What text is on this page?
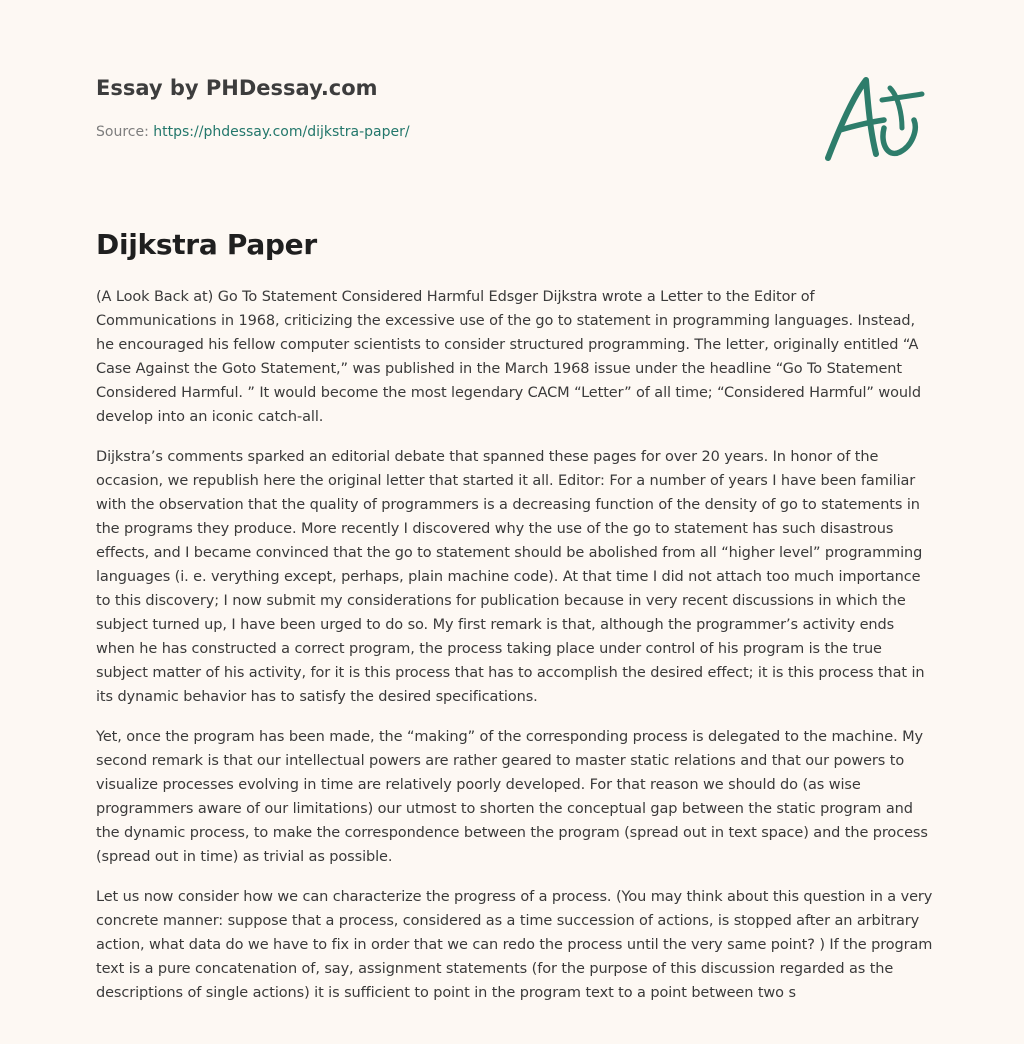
Essay by PHDessay.com
Source: https://phdessay.com/dijkstra-paper/
Dijkstra Paper

(A Look Back at) Go To Statement Considered Harmful Edsger Dijkstra wrote a Letter to the Editor of Communications in 1968, criticizing the excessive use of the go to statement in programming languages. Instead, he encouraged his fellow computer scientists to consider structured programming. The letter, originally entitled “A Case Against the Goto Statement,” was published in the March 1968 issue under the headline “Go To Statement Considered Harmful. ” It would become the most legendary CACM “Letter” of all time; “Considered Harmful” would develop into an iconic catch-all.

Dijkstra’s comments sparked an editorial debate that spanned these pages for over 20 years. In honor of the occasion, we republish here the original letter that started it all. Editor: For a number of years I have been familiar with the observation that the quality of programmers is a decreasing function of the density of go to statements in the programs they produce. More recently I discovered why the use of the go to statement has such disastrous effects, and I became convinced that the go to statement should be abolished from all “higher level” programming languages (i. e. verything except, perhaps, plain machine code). At that time I did not attach too much importance to this discovery; I now submit my considerations for publication because in very recent discussions in which the subject turned up, I have been urged to do so. My first remark is that, although the programmer’s activity ends when he has constructed a correct program, the process taking place under control of his program is the true subject matter of his activity, for it is this process that has to accomplish the desired effect; it is this process that in its dynamic behavior has to satisfy the desired specifications.

Yet, once the program has been made, the “making” of the corresponding process is delegated to the machine. My second remark is that our intellectual powers are rather geared to master static relations and that our powers to visualize processes evolving in time are relatively poorly developed. For that reason we should do (as wise programmers aware of our limitations) our utmost to shorten the conceptual gap between the static program and the dynamic process, to make the correspondence between the program (spread out in text space) and the process (spread out in time) as trivial as possible.

Let us now consider how we can characterize the progress of a process. (You may think about this question in a very concrete manner: suppose that a process, considered as a time succession of actions, is stopped after an arbitrary action, what data do we have to fix in order that we can redo the process until the very same point? ) If the program text is a pure concatenation of, say, assignment statements (for the purpose of this discussion regarded as the descriptions of single actions) it is sufficient to point in the program text to a point between two s
